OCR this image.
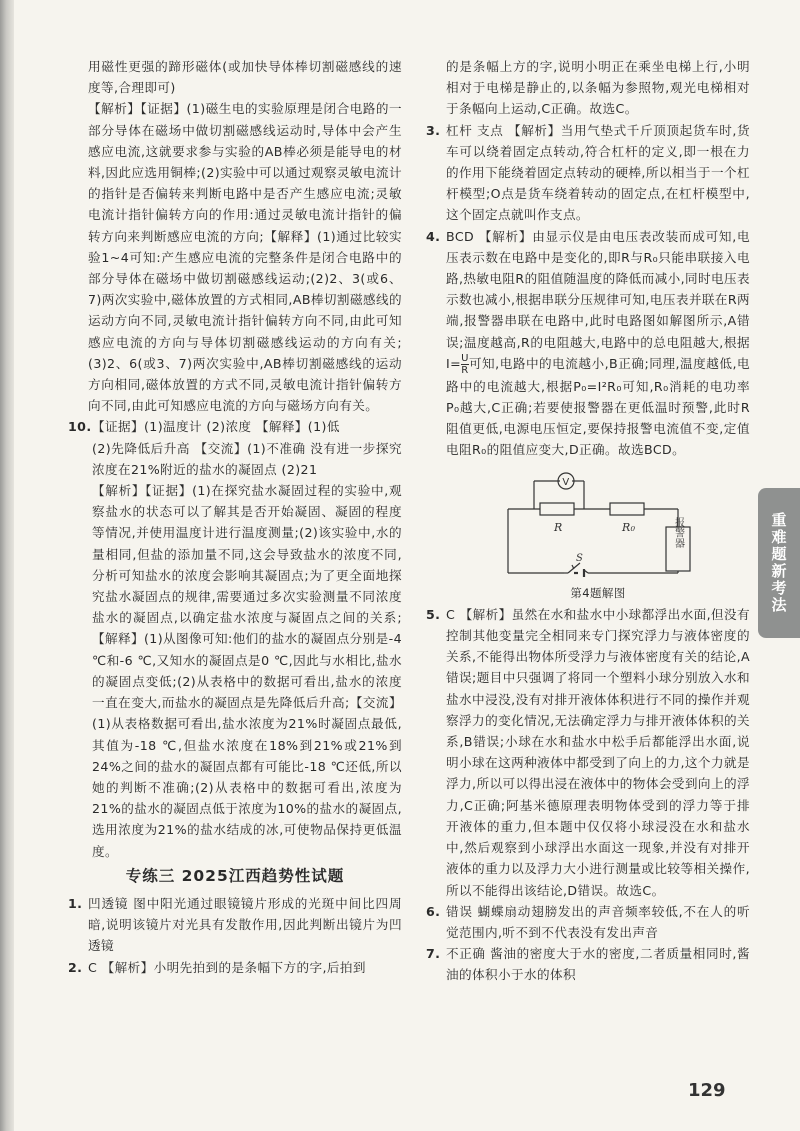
用磁性更强的蹄形磁体(或加快导体棒切割磁感线的速度等,合理即可)

【解析】【证据】(1)磁生电的实验原理是闭合电路的一部分导体在磁场中做切割磁感线运动时,导体中会产生感应电流,这就要求参与实验的AB棒必须是能导电的材料,因此应选用铜棒;(2)实验中可以通过观察灵敏电流计的指针是否偏转来判断电路中是否产生感应电流;灵敏电流计指针偏转方向的作用:通过灵敏电流计指针的偏转方向来判断感应电流的方向;【解释】(1)通过比较实验1~4可知:产生感应电流的完整条件是闭合电路中的部分导体在磁场中做切割磁感线运动;(2)2、3(或6、7)两次实验中,磁体放置的方式相同,AB棒切割磁感线的运动方向不同,灵敏电流计指针偏转方向不同,由此可知感应电流的方向与导体切割磁感线运动的方向有关;(3)2、6(或3、7)两次实验中,AB棒切割磁感线的运动方向相同,磁体放置的方式不同,灵敏电流计指针偏转方向不同,由此可知感应电流的方向与磁场方向有关。

10. 【证据】(1)温度计 (2)浓度 【解释】(1)低

(2)先降低后升高 【交流】(1)不准确 没有进一步探究浓度在21%附近的盐水的凝固点 (2)21

【解析】【证据】(1)在探究盐水凝固过程的实验中,观察盐水的状态可以了解其是否开始凝固、凝固的程度等情况,并使用温度计进行温度测量;(2)该实验中,水的量相同,但盐的添加量不同,这会导致盐水的浓度不同,分析可知盐水的浓度会影响其凝固点;为了更全面地探究盐水凝固点的规律,需要通过多次实验测量不同浓度盐水的凝固点,以确定盐水浓度与凝固点之间的关系;【解释】(1)从图像可知:他们的盐水的凝固点分别是-4 ℃和-6 ℃,又知水的凝固点是0 ℃,因此与水相比,盐水的凝固点变低;(2)从表格中的数据可看出,盐水的浓度一直在变大,而盐水的凝固点是先降低后升高;【交流】(1)从表格数据可看出,盐水浓度为21%时凝固点最低,其值为-18 ℃,但盐水浓度在18%到21%或21%到24%之间的盐水的凝固点都有可能比-18 ℃还低,所以她的判断不准确;(2)从表格中的数据可看出,浓度为21%的盐水的凝固点低于浓度为10%的盐水的凝固点,选用浓度为21%的盐水结成的冰,可使物品保持更低温度。

专练三 2025江西趋势性试题
1. 凹透镜 图中阳光通过眼镜镜片形成的光斑中间比四周暗,说明该镜片对光具有发散作用,因此判断出镜片为凹透镜

2. C 【解析】小明先拍到的是条幅下方的字,后拍到

的是条幅上方的字,说明小明正在乘坐电梯上行,小明相对于电梯是静止的,以条幅为参照物,观光电梯相对于条幅向上运动,C正确。故选C。

3. 杠杆 支点 【解析】当用气垫式千斤顶顶起货车时,货车可以绕着固定点转动,符合杠杆的定义,即一根在力的作用下能绕着固定点转动的硬棒,所以相当于一个杠杆模型;O点是货车绕着转动的固定点,在杠杆模型中,这个固定点就叫作支点。

4. BCD 【解析】由显示仪是由电压表改装而成可知,电压表示数在电路中是变化的,即R与R₀只能串联接入电路,热敏电阻R的阻值随温度的降低而减小,同时电压表示数也减小,根据串联分压规律可知,电压表并联在R两端,报警器串联在电路中,此时电路图如解图所示,A错误;温度越高,R的电阻越大,电路中的总电阻越大,根据$I= \frac{U}{R}$ 可知,电路中的电流越小,B正确;同理,温度越低,电路中的电流越大,根据P₀=I²R₀可知,R₀消耗的电功率P₀越大,C正确;若要使报警器在更低温时预警,此时R阻值更低,电源电压恒定,要保持报警电流值不变,定值电阻R₀的阻值应变大,D正确。故选BCD。

V
R	R₀	报警器
S
第4题解图
5. C 【解析】虽然在水和盐水中小球都浮出水面,但没有控制其他变量完全相同来专门探究浮力与液体密度的关系,不能得出物体所受浮力与液体密度有关的结论,A错误;题目中只强调了将同一个塑料小球分别放入水和盐水中浸没,没有对排开液体体积进行不同的操作并观察浮力的变化情况,无法确定浮力与排开液体体积的关系,B错误;小球在水和盐水中松手后都能浮出水面,说明小球在这两种液体中都受到了向上的力,这个力就是浮力,所以可以得出浸在液体中的物体会受到向上的浮力,C正确;阿基米德原理表明物体受到的浮力等于排开液体的重力,但本题中仅仅将小球浸没在水和盐水中,然后观察到小球浮出水面这一现象,并没有对排开液体的重力以及浮力大小进行测量或比较等相关操作,所以不能得出该结论,D错误。故选C。

6. 错误 蝴蝶扇动翅膀发出的声音频率较低,不在人的听觉范围内,听不到不代表没有发出声音

7. 不正确 酱油的密度大于水的密度,二者质量相同时,酱油的体积小于水的体积

重难题新考法
129
